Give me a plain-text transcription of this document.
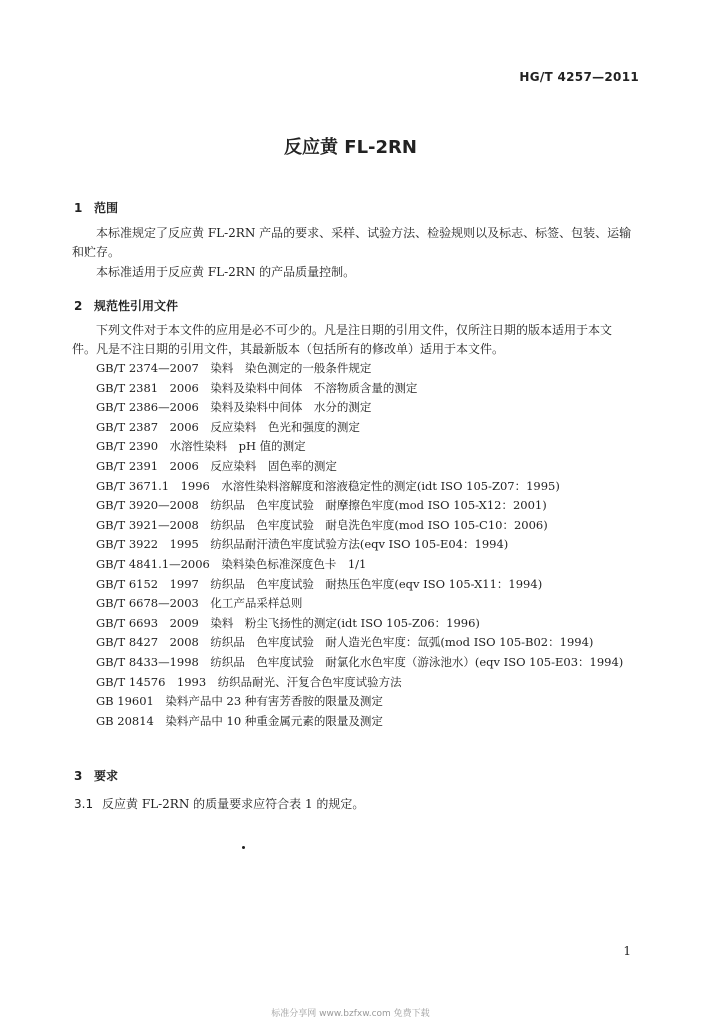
HG/T 4257—2011
反应黄 FL-2RN
1 范围

本标准规定了反应黄 FL-2RN 产品的要求、采样、试验方法、检验规则以及标志、标签、包装、运输和贮存。

本标准适用于反应黄 FL-2RN 的产品质量控制。

2 规范性引用文件

下列文件对于本文件的应用是必不可少的。凡是注日期的引用文件，仅所注日期的版本适用于本文件。凡是不注日期的引用文件，其最新版本（包括所有的修改单）适用于本文件。

GB/T 2374—2007　染料　染色测定的一般条件规定
GB/T 2381　2006　染料及染料中间体　不溶物质含量的测定
GB/T 2386—2006　染料及染料中间体　水分的测定
GB/T 2387　2006　反应染料　色光和强度的测定
GB/T 2390　水溶性染料　pH 值的测定
GB/T 2391　2006　反应染料　固色率的测定
GB/T 3671.1　1996　水溶性染料溶解度和溶液稳定性的测定(idt ISO 105-Z07：1995)
GB/T 3920—2008　纺织品　色牢度试验　耐摩擦色牢度(mod ISO 105-X12：2001)
GB/T 3921—2008　纺织品　色牢度试验　耐皂洗色牢度(mod ISO 105-C10：2006)
GB/T 3922　1995　纺织品耐汗渍色牢度试验方法(eqv ISO 105-E04：1994)
GB/T 4841.1—2006　染料染色标准深度色卡　1/1
GB/T 6152　1997　纺织品　色牢度试验　耐热压色牢度(eqv ISO 105-X11：1994)
GB/T 6678—2003　化工产品采样总则
GB/T 6693　2009　染料　粉尘飞扬性的测定(idt ISO 105-Z06：1996)
GB/T 8427　2008　纺织品　色牢度试验　耐人造光色牢度：氙弧(mod ISO 105-B02：1994)
GB/T 8433—1998　纺织品　色牢度试验　耐氯化水色牢度（游泳池水）(eqv ISO 105-E03：1994)
GB/T 14576　1993　纺织品耐光、汗复合色牢度试验方法
GB 19601　染料产品中 23 种有害芳香胺的限量及测定
GB 20814　染料产品中 10 种重金属元素的限量及测定
3 要求
3.1 反应黄 FL-2RN 的质量要求应符合表 1 的规定。
1
标准分享网 www.bzfxw.com 免费下载
